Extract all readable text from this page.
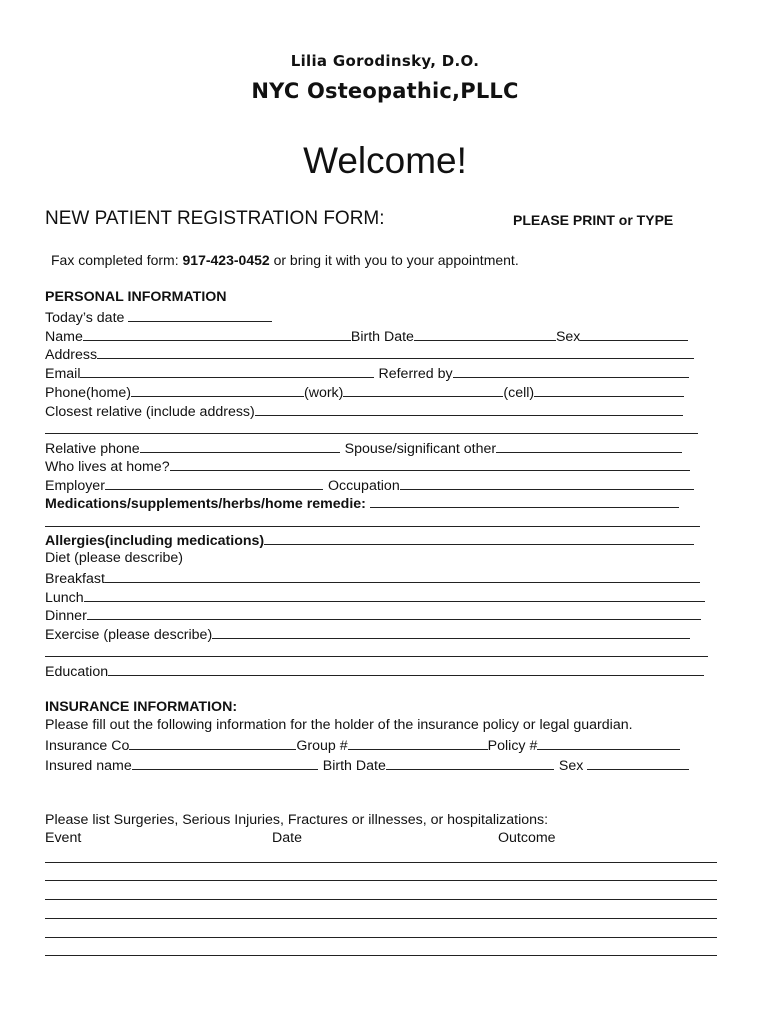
Lilia Gorodinsky, D.O.
NYC Osteopathic,PLLC
Welcome!
NEW PATIENT REGISTRATION FORM:	PLEASE PRINT or TYPE
Fax completed form: 917-423-0452 or bring it with you to your appointment.
PERSONAL INFORMATION
Today’s date
Name	Birth Date	Sex
Address
Email	Referred by
Phone(home)	(work)	(cell)
Closest relative (include address)
Relative phone	Spouse/significant other
Who lives at home?
Employer	Occupation
Medications/supplements/herbs/home remedie:
Allergies(including medications)
Diet (please describe)
Breakfast
Lunch
Dinner
Exercise (please describe)
Education
INSURANCE INFORMATION:
Please fill out the following information for the holder of the insurance policy or legal guardian.
Insurance Co	Group #	Policy #
Insured name	Birth Date	Sex
Please list Surgeries, Serious Injuries, Fractures or illnesses, or hospitalizations:
Event	Date	Outcome
